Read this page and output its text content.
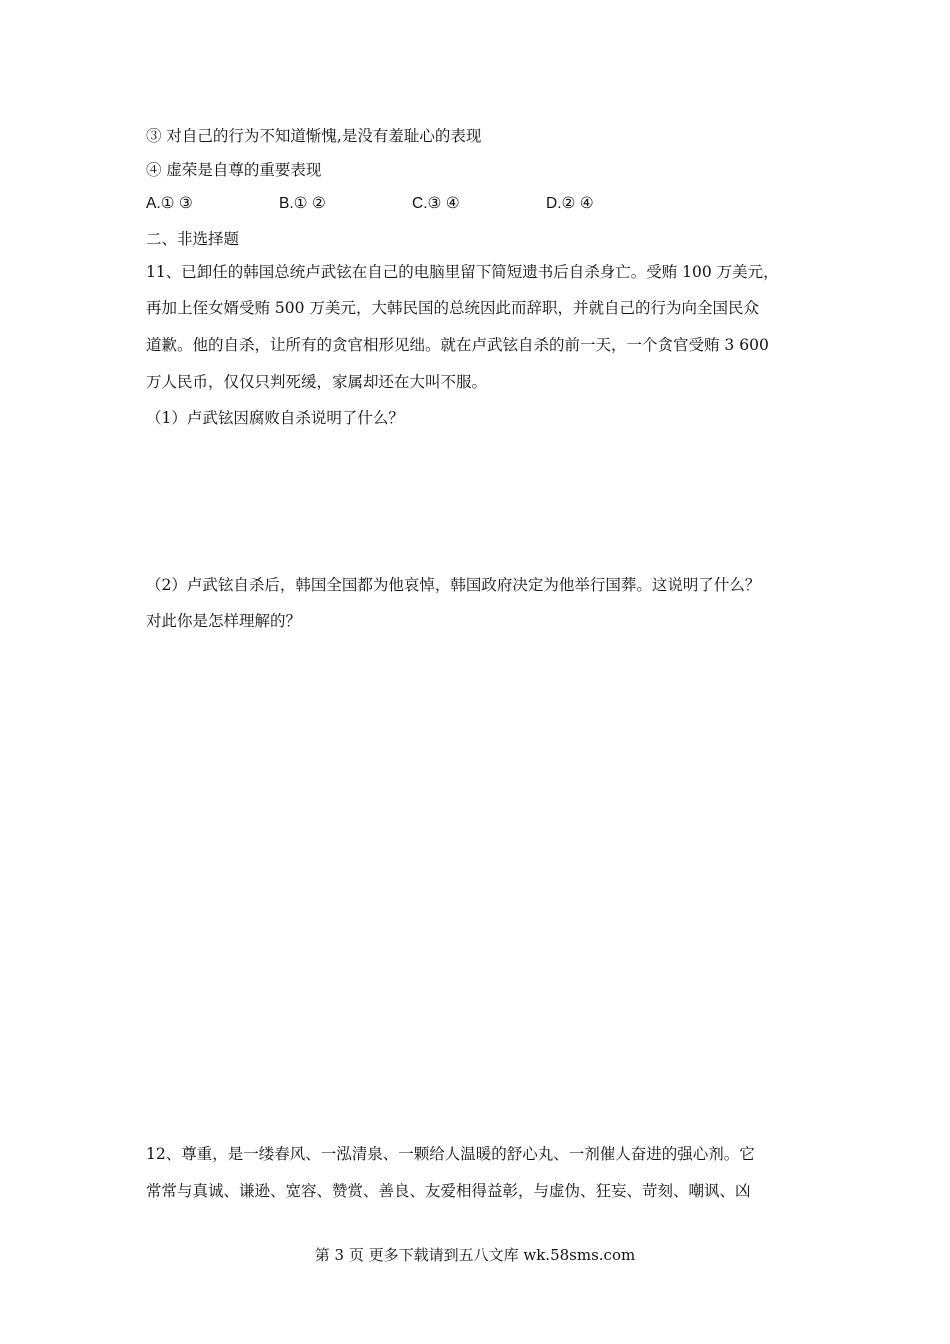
③ 对自己的行为不知道惭愧,是没有羞耻心的表现
④ 虚荣是自尊的重要表现
A.① ③	B.① ②	C.③ ④	D.② ④
二、非选择题
11、已卸任的韩国总统卢武铉在自己的电脑里留下简短遗书后自杀身亡。受贿 100 万美元，
再加上侄女婿受贿 500 万美元，大韩民国的总统因此而辞职，并就自己的行为向全国民众
道歉。他的自杀，让所有的贪官相形见绌。就在卢武铉自杀的前一天，一个贪官受贿 3 600
万人民币，仅仅只判死缓，家属却还在大叫不服。
（1）卢武铉因腐败自杀说明了什么？
（2）卢武铉自杀后，韩国全国都为他哀悼，韩国政府决定为他举行国葬。这说明了什么？
对此你是怎样理解的？
12、尊重，是一缕春风、一泓清泉、一颗给人温暖的舒心丸、一剂催人奋进的强心剂。它
常常与真诚、谦逊、宽容、赞赏、善良、友爱相得益彰，与虚伪、狂妄、苛刻、嘲讽、凶
第 3 页 更多下载请到五八文库 wk.58sms.com
